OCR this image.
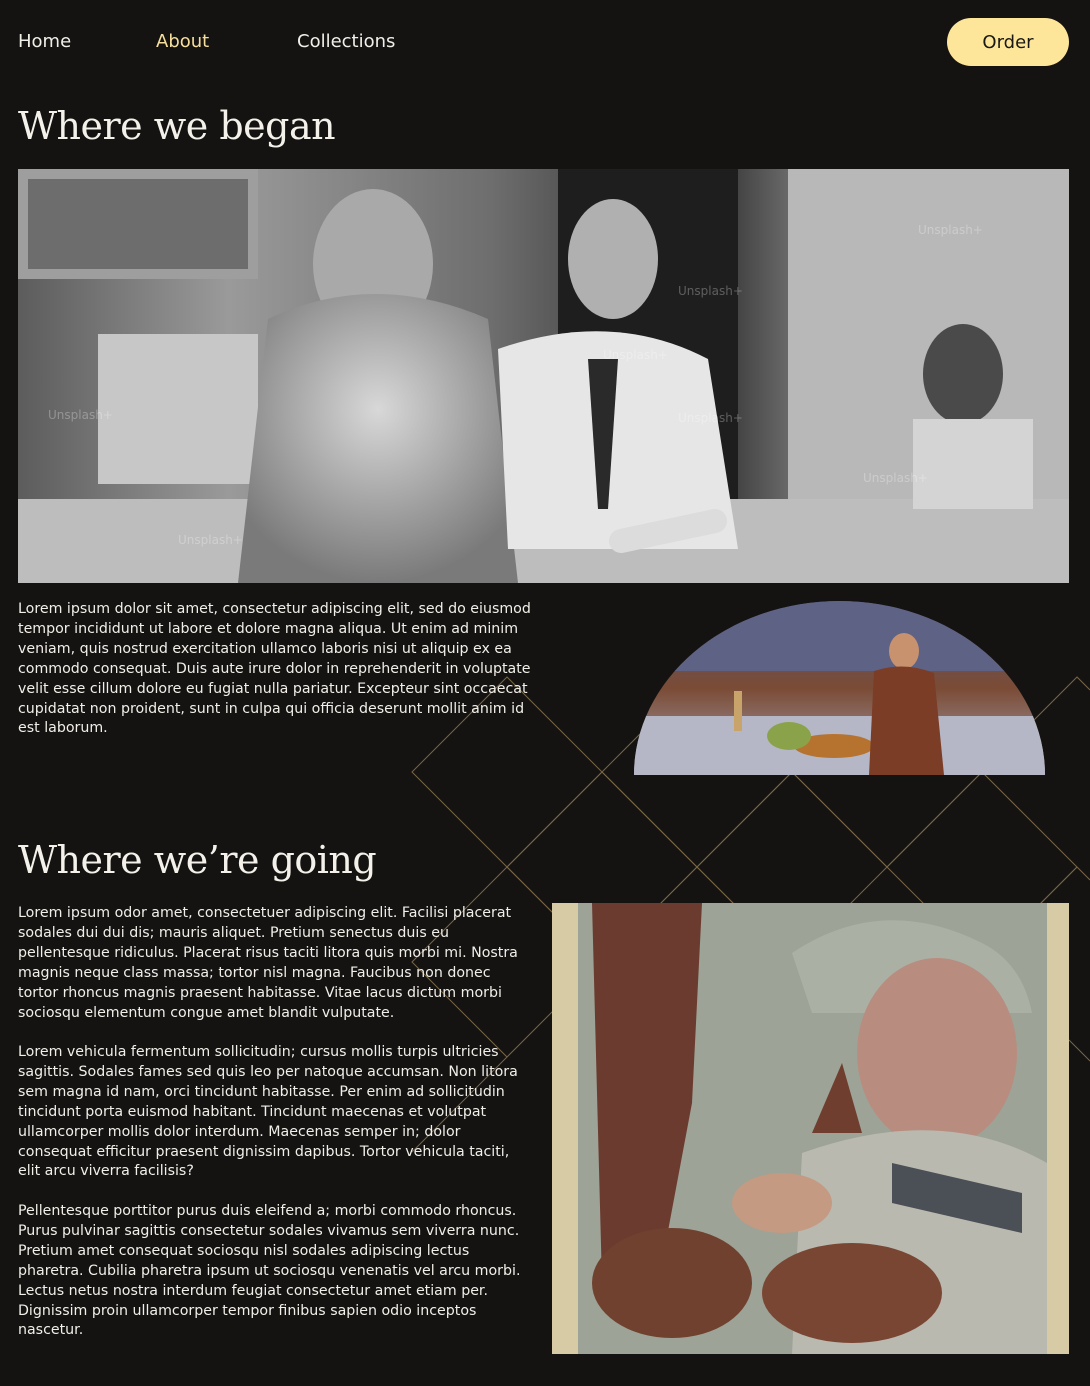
Home	About	Collections	Order
Where we began
Unsplash+
Unsplash+
Unsplash+
Unsplash+
Unsplash+
Unsplash+
Unsplash+
Lorem ipsum dolor sit amet, consectetur adipiscing elit, sed do eiusmod tempor incididunt ut labore et dolore magna aliqua. Ut enim ad minim veniam, quis nostrud exercitation ullamco laboris nisi ut aliquip ex ea commodo consequat. Duis aute irure dolor in reprehenderit in voluptate velit esse cillum dolore eu fugiat nulla pariatur. Excepteur sint occaecat cupidatat non proident, sunt in culpa qui officia deserunt mollit anim id est laborum.
Where we’re going
Lorem ipsum odor amet, consectetuer adipiscing elit. Facilisi placerat sodales dui dui dis; mauris aliquet. Pretium senectus duis eu pellentesque ridiculus. Placerat risus taciti litora quis morbi mi. Nostra magnis neque class massa; tortor nisl magna. Faucibus non donec tortor rhoncus magnis praesent habitasse. Vitae lacus dictum morbi sociosqu elementum congue amet blandit vulputate.
Lorem vehicula fermentum sollicitudin; cursus mollis turpis ultricies sagittis. Sodales fames sed quis leo per natoque accumsan. Non litora sem magna id nam, orci tincidunt habitasse. Per enim ad sollicitudin tincidunt porta euismod habitant. Tincidunt maecenas et volutpat ullamcorper mollis dolor interdum. Maecenas semper in; dolor consequat efficitur praesent dignissim dapibus. Tortor vehicula taciti, elit arcu viverra facilisis?
Pellentesque porttitor purus duis eleifend a; morbi commodo rhoncus. Purus pulvinar sagittis consectetur sodales vivamus sem viverra nunc. Pretium amet consequat sociosqu nisl sodales adipiscing lectus pharetra. Cubilia pharetra ipsum ut sociosqu venenatis vel arcu morbi. Lectus netus nostra interdum feugiat consectetur amet etiam per. Dignissim proin ullamcorper tempor finibus sapien odio inceptos nascetur.
